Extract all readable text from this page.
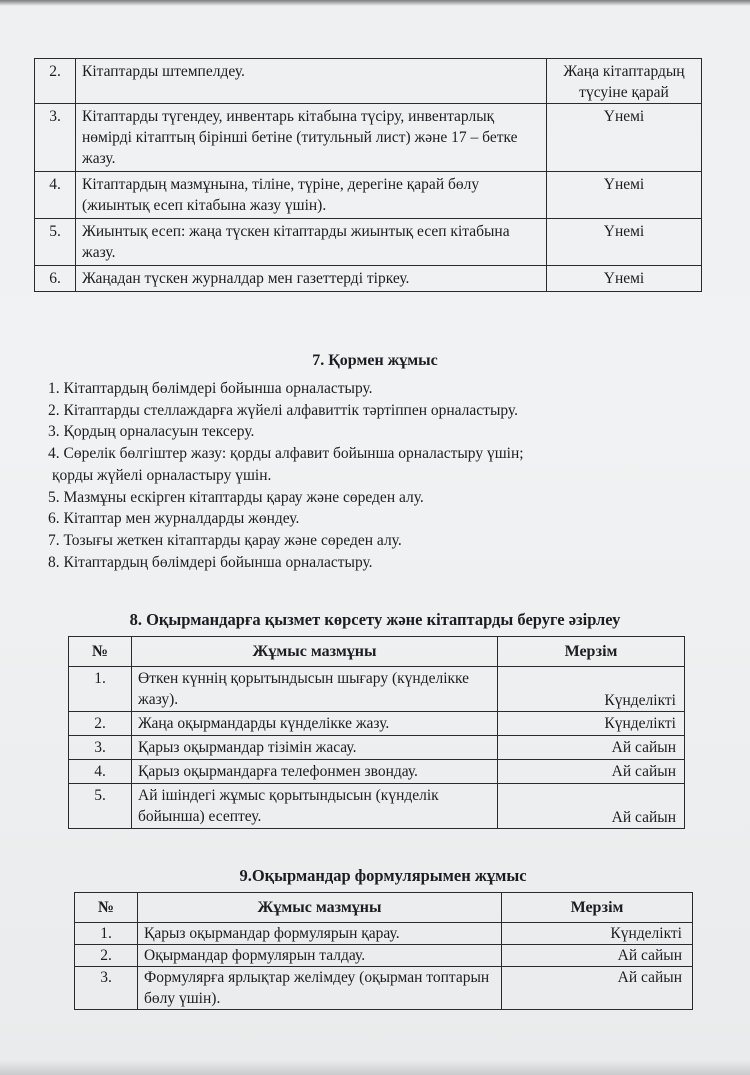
2.	Кітаптарды штемпелдеу.	Жаңа кітаптардың түсуіне қарай
3.	Кітаптарды түгендеу, инвентарь кітабына түсіру, инвентарлық нөмірді кітаптың бірінші бетіне (титульный лист) және 17 – бетке жазу.	Үнемі
4.	Кітаптардың мазмұнына, тіліне, түріне, дерегіне қарай бөлу (жиынтық есеп кітабына жазу үшін).	Үнемі
5.	Жиынтық есеп: жаңа түскен кітаптарды жиынтық есеп кітабына жазу.	Үнемі
6.	Жаңадан түскен журналдар мен газеттерді тіркеу.	Үнемі
7. Қормен жұмыс
1. Кітаптардың бөлімдері бойынша орналастыру.
2. Кітаптарды стеллаждарға жүйелі алфавиттік тәртіппен орналастыру.
3. Қордың орналасуын тексеру.
4. Сөрелік бөлгіштер жазу: қорды алфавит бойынша орналастыру үшін;
қорды жүйелі орналастыру үшін.
5. Мазмұны ескірген кітаптарды қарау және сөреден алу.
6. Кітаптар мен журналдарды жөндеу.
7. Тозығы жеткен кітаптарды қарау және сөреден алу.
8. Кітаптардың бөлімдері бойынша орналастыру.
8. Оқырмандарға қызмет көрсету және кітаптарды беруге әзірлеу
№	Жұмыс мазмұны	Мерзім
1.	Өткен күннің қорытындысын шығару (күнделікке жазу).	Күнделікті
2.	Жаңа оқырмандарды күнделікке жазу.	Күнделікті
3.	Қарыз оқырмандар тізімін жасау.	Ай сайын
4.	Қарыз оқырмандарға телефонмен звондау.	Ай сайын
5.	Ай ішіндегі жұмыс қорытындысын (күнделік бойынша) есептеу.	Ай сайын
9.Оқырмандар формулярымен жұмыс
№	Жұмыс мазмұны	Мерзім
1.	Қарыз оқырмандар формулярын қарау.	Күнделікті
2.	Оқырмандар формулярын талдау.	Ай сайын
3.	Формулярға ярлықтар желімдеу (оқырман топтарын бөлу үшін).	Ай сайын
